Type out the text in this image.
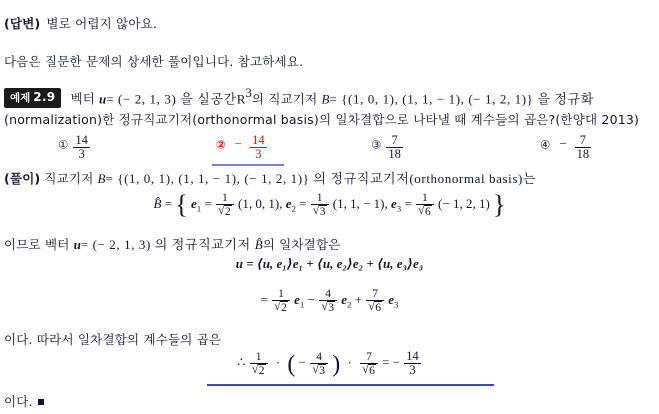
(답변) 별로 어렵지 않아요.
다음은 질문한 문제의 상세한 풀이입니다. 참고하세요.
예제 2.9 벡터 u= (− 2, 1, 3) 을 실공간$R^3$의 직교기저 B= {(1, 0, 1), (1, 1, − 1), (− 1, 2, 1)} 을 정규화
(normalization)한 정규직교기저(orthonormal basis)의 일차결합으로 나타낼 때 계수들의 곱은?(한양대 2013)
① $\frac{14}{3}$	② − $\frac{14}{3}$	③ $\frac{7}{18}$	④ − $\frac{7}{18}$
(풀이) 직교기저 B= {(1, 0, 1), (1, 1, − 1), (− 1, 2, 1)} 의 정규직교기저(orthonormal basis)는
B̂ = { $e_1 = \frac{1}{√ 2} (1$, 0, 1), $e_2 = \frac{1}{√ 3} (1$, 1, − 1), $e_3 = \frac{1}{√ 6}$ (− 1, 2, 1) }
이므로 벡터 u= (− 2, 1, 3) 의 정규직교기저 B̂의 일차결합은
u = ⟨u, e₁⟩e₁ + ⟨u, e₂⟩e₂ + ⟨u, e₃⟩e₃
= $\frac{1}{√ 2} e_1 - \frac{4}{√ 3} e_2 + \frac{7}{√ 6} e_3$
이다. 따라서 일차결합의 계수들의 곱은
∴ $\frac{1}{√ 2}$ · ( − $\frac{4}{√ 3}$ ) · $\frac{7}{√ 6}$ = − $\frac{14}{3}$
이다.
